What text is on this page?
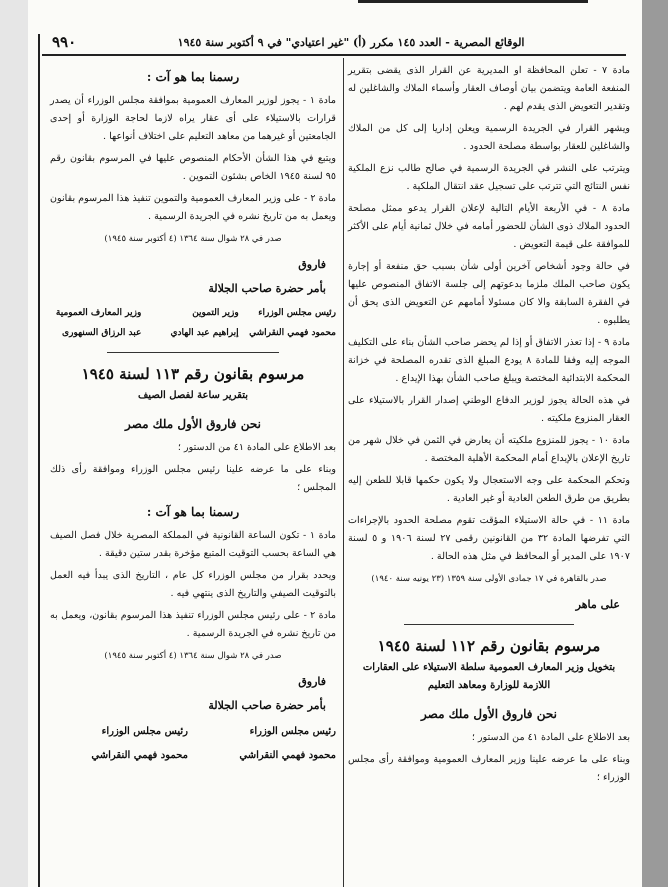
الوقائع المصرية - العدد ١٤٥ مكرر (أ) "غير اعتيادي" في ٩ أكتوبر سنة ١٩٤٥
٩٩٠

مادة ٧ - تعلن المحافظة او المديرية عن القرار الذى يقضى بتقرير المنفعة العامة ويتضمن بيان أوصاف العقار وأسماء الملاك والشاغلين له وتقدير التعويض الذى يقدم لهم .

ويشهر القرار في الجريدة الرسمية ويعلن إداريا إلى كل من الملاك والشاغلين للعقار بواسطة مصلحة الحدود .

ويترتب على النشر في الجريدة الرسمية في صالح طالب نزع الملكية نفس النتائج التي تترتب على تسجيل عقد انتقال الملكية .

مادة ٨ - في الأربعة الأيام التالية لإعلان القرار يدعو ممثل مصلحة الحدود الملاك ذوى الشأن للحضور أمامه في خلال ثمانية أيام على الأكثر للموافقة على قيمة التعويض .

في حالة وجود أشخاص آخرين أولى شأن بسبب حق منفعة أو إجارة يكون صاحب الملك ملزما بدعوتهم إلى جلسة الاتفاق المنصوص عليها في الفقرة السابقة والا كان مسئولا أمامهم عن التعويض الذى يحق أن يطلبوه .

مادة ٩ - إذا تعذر الاتفاق أو إذا لم يحضر صاحب الشأن بناء على التكليف الموجه إليه وفقا للمادة ٨ يودع المبلغ الذى تقدره المصلحة في خزانة المحكمة الابتدائية المختصة ويبلغ صاحب الشأن بهذا الإيداع .

في هذه الحالة يجوز لوزير الدفاع الوطني إصدار القرار بالاستيلاء على العقار المنزوع ملكيته .

مادة ١٠ - يجوز للمنزوع ملكيته أن يعارض في الثمن في خلال شهر من تاريخ الإعلان بالإيداع أمام المحكمة الأهلية المختصة .

وتحكم المحكمة على وجه الاستعجال ولا يكون حكمها قابلا للطعن إليه بطريق من طرق الطعن العادية أو غير العادية .

مادة ١١ - في حالة الاستيلاء المؤقت تقوم مصلحة الحدود بالإجراءات التي تفرضها المادة ٣٢ من القانونين رقمى ٢٧ لسنة ١٩٠٦ و ٥ لسنة ١٩٠٧ على المدير أو المحافظ في مثل هذه الحالة .

صدر بالقاهرة في ١٧ جمادى الأولى سنة ١٣٥٩ (٢٣ يونيه سنة ١٩٤٠)
على ماهر
مرسوم بقانون رقم ١١٢ لسنة ١٩٤٥
بتخويل وزير المعارف العمومية سلطة الاستيلاء على العقارات اللازمة للوزارة ومعاهد التعليم
نحن فاروق الأول ملك مصر

بعد الاطلاع على المادة ٤١ من الدستور ؛

وبناء على ما عرضه علينا وزير المعارف العمومية وموافقة رأى مجلس الوزراء ؛

رسمنا بما هو آت :

مادة ١ - يجوز لوزير المعارف العمومية بموافقة مجلس الوزراء أن يصدر قرارات بالاستيلاء على أى عقار يراه لازما لحاجة الوزارة أو إحدى الجامعتين أو غيرهما من معاهد التعليم على اختلاف أنواعها .

ويتبع في هذا الشأن الأحكام المنصوص عليها في المرسوم بقانون رقم ٩٥ لسنة ١٩٤٥ الخاص بشئون التموين .

مادة ٢ - على وزير المعارف العمومية والتموين تنفيذ هذا المرسوم بقانون ويعمل به من تاريخ نشره في الجريدة الرسمية .

صدر في ٢٨ شوال سنة ١٣٦٤ (٤ أكتوبر سنة ١٩٤٥)
فاروق
بأمر حضرة صاحب الجلالة
رئيس مجلس الوزراء
وزير التموين
وزير المعارف العمومية
محمود فهمي النقراشي
إبراهيم عبد الهادي
عبد الرزاق السنهورى
مرسوم بقانون رقم ١١٣ لسنة ١٩٤٥
بتقرير ساعة لفصل الصيف
نحن فاروق الأول ملك مصر

بعد الاطلاع على المادة ٤١ من الدستور ؛

وبناء على ما عرضه علينا رئيس مجلس الوزراء وموافقة رأى ذلك المجلس ؛

رسمنا بما هو آت :

مادة ١ - تكون الساعة القانونية في المملكة المصرية خلال فصل الصيف هي الساعة بحسب التوقيت المتبع مؤخرة بقدر ستين دقيقة .

ويحدد بقرار من مجلس الوزراء كل عام ، التاريخ الذى يبدأ فيه العمل بالتوقيت الصيفي والتاريخ الذى ينتهي فيه .

مادة ٢ - على رئيس مجلس الوزراء تنفيذ هذا المرسوم بقانون، ويعمل به من تاريخ نشره في الجريدة الرسمية .

صدر في ٢٨ شوال سنة ١٣٦٤ (٤ أكتوبر سنة ١٩٤٥)
فاروق
بأمر حضرة صاحب الجلالة
رئيس مجلس الوزراء
رئيس مجلس الوزراء
محمود فهمي النقراشي
محمود فهمي النقراشي
